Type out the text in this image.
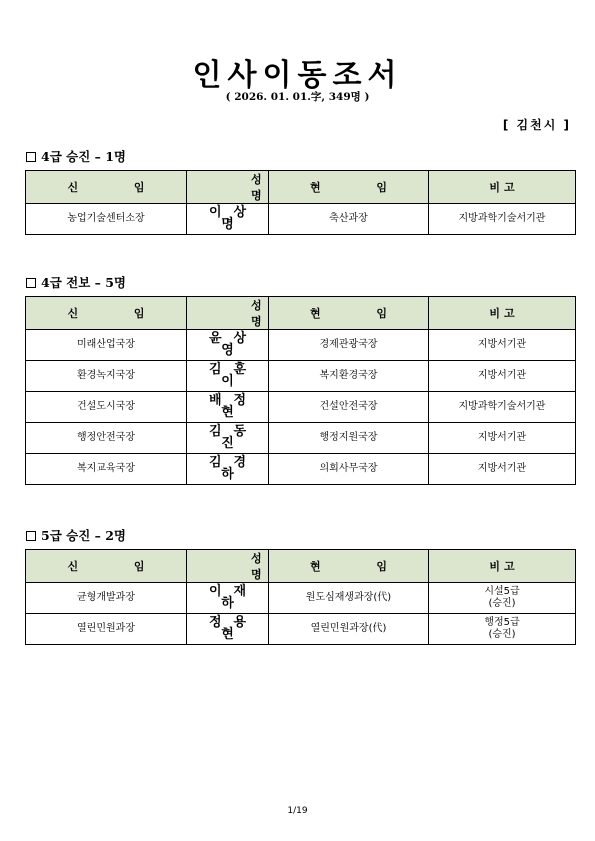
인사이동조서
( 2026. 01. 01.字, 349명 )
[ 김천시 ]
4급 승진 – 1명
신 임	성 명	현 임	비고
농업기술센터소장	이상명	축산과장	지방과학기술서기관
4급 전보 – 5명
신 임	성 명	현 임	비고
미래산업국장	윤상영	경제관광국장	지방서기관
환경녹지국장	김훈이	복지환경국장	지방서기관
건설도시국장	배정현	건설안전국장	지방과학기술서기관
행정안전국장	김동진	행정지원국장	지방서기관
복지교육국장	김경하	의회사무국장	지방서기관
5급 승진 – 2명
신 임	성 명	현 임	비고
균형개발과장	이재하	원도심재생과장(代)	시설5급
(승진)

열린민원과장	정용현	열린민원과장(代)	행정5급
(승진)
1/19
